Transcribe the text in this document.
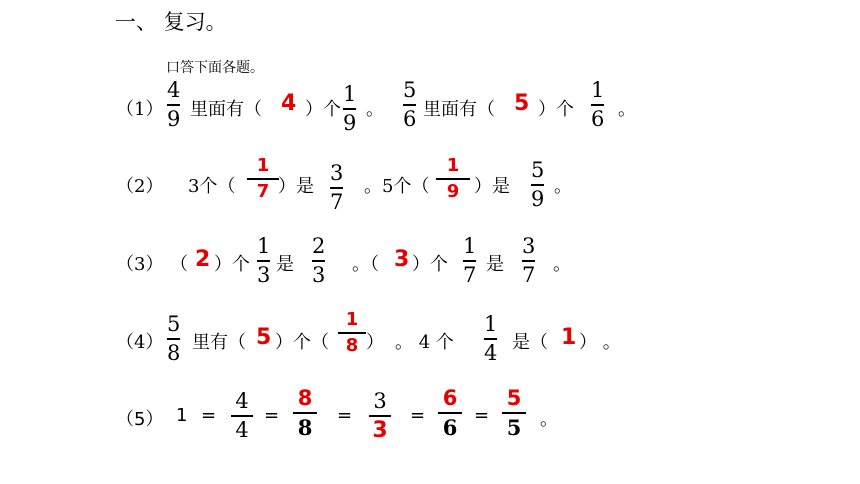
一、 复习。
口答下面各题。
（1）
4
9 里面有（ 4 ）个
1
9
。
5
6 里面有（ 5 ）个
1
6 。
（2） 3个（
1
7 ）是
3
7
。5个（
1
9 ）是
5
9 。
（3） （ 2 ）个
1
3 是
2
3 。（ 3 ）个
1
7 是
3
7 。
（4）
5
8 里有（ 5 ）个（
1
8 ） 。 4 个
1
4 是（ 1 ） 。
（5） 1 =
4
4
=
8
8 =
3
3
=
6
6 =
5
5 。
